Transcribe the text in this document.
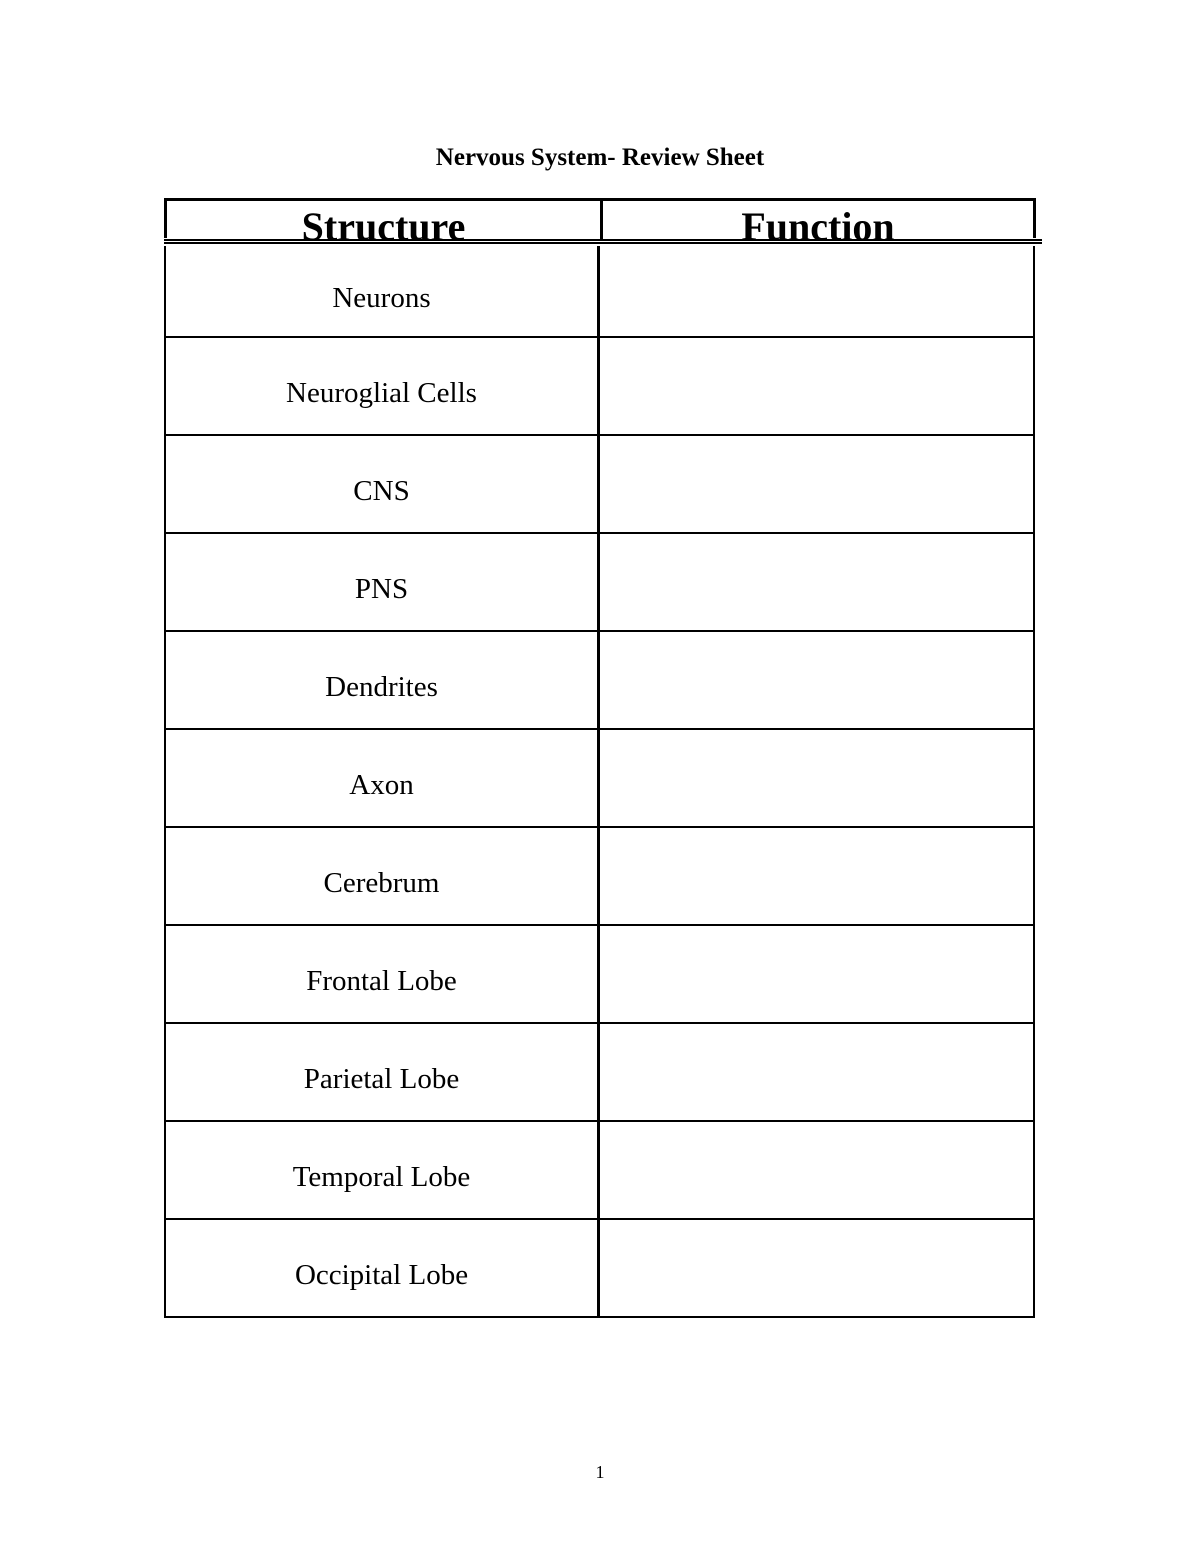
Nervous System- Review Sheet
Structure	Function
Neurons
Neuroglial Cells
CNS
PNS
Dendrites
Axon
Cerebrum
Frontal Lobe
Parietal Lobe
Temporal Lobe
Occipital Lobe
1
